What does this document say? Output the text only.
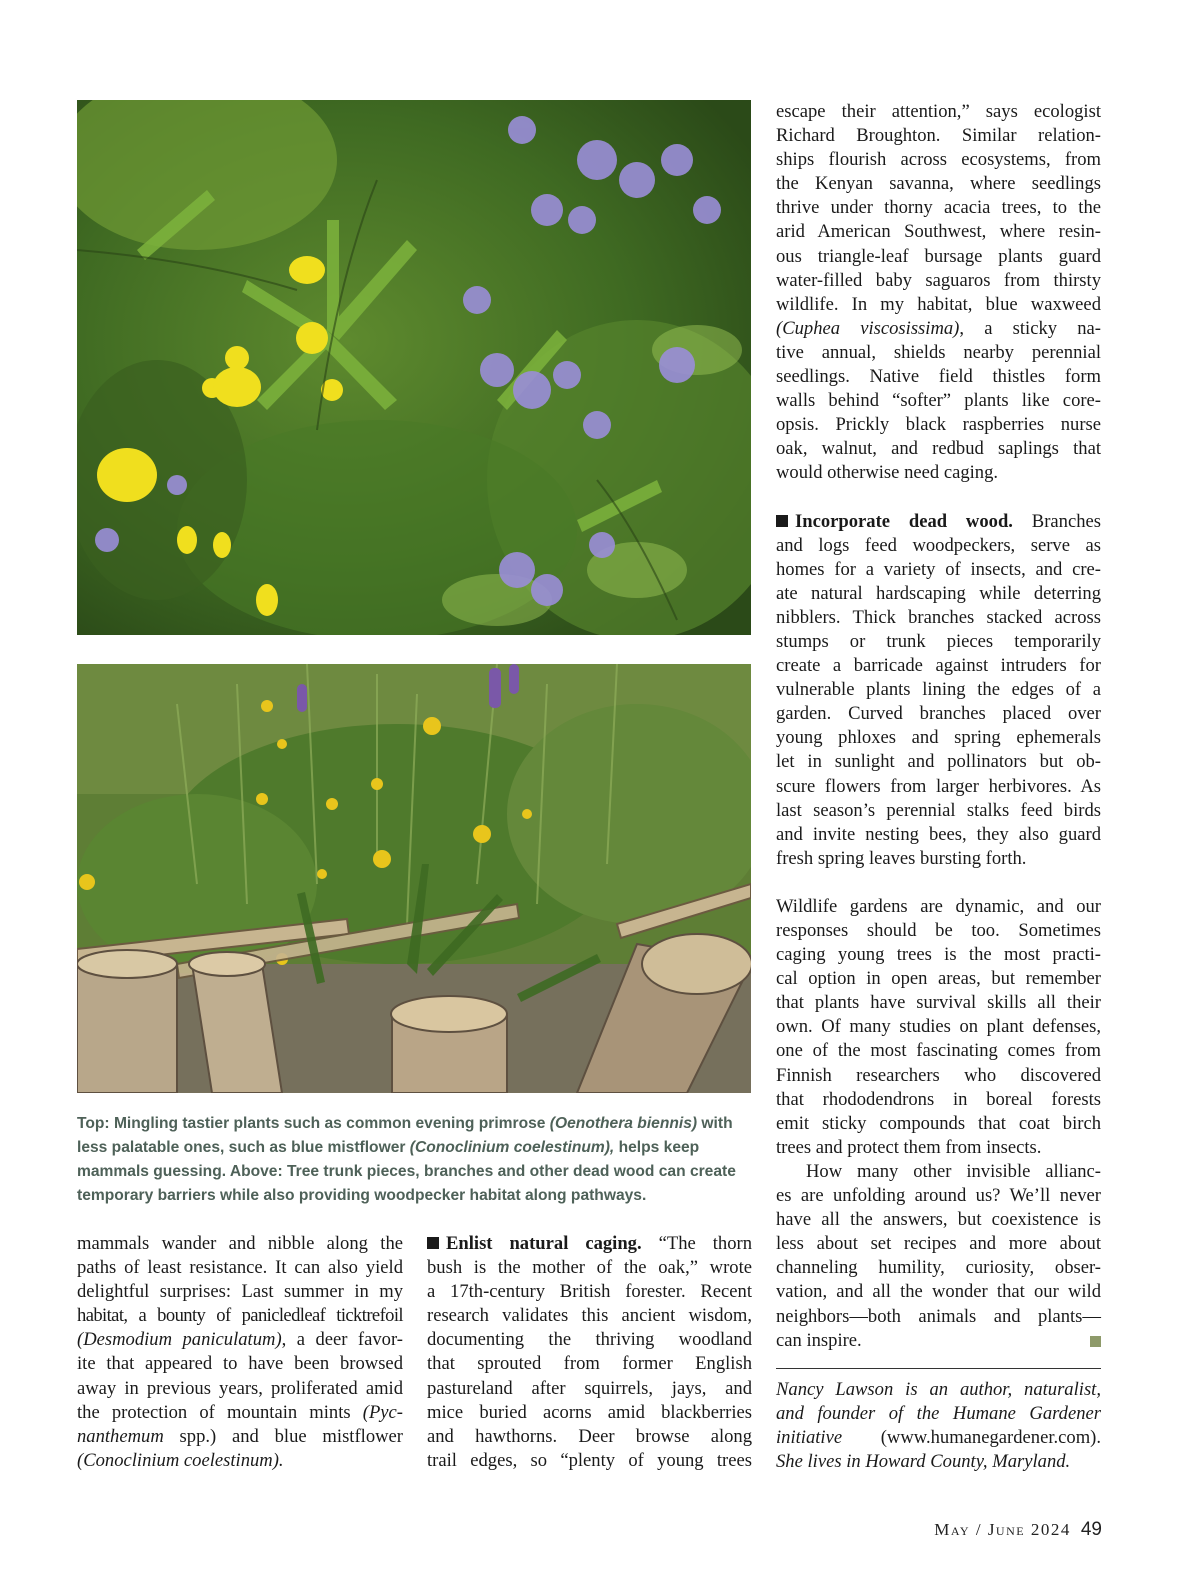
Top: Mingling tastier plants such as common evening primrose (Oenothera biennis) with less palatable ones, such as blue mistflower (Conoclinium coelestinum), helps keep mammals guessing. Above: Tree trunk pieces, branches and other dead wood can create temporary barriers while also providing woodpecker habitat along pathways.
mammals wander and nibble along the
paths of least resistance. It can also yield
delightful surprises: Last summer in my
habitat, a bounty of panicledleaf ticktrefoil
(Desmodium paniculatum), a deer favor-
ite that appeared to have been browsed
away in previous years, proliferated amid
the protection of mountain mints (Pyc-
nanthemum spp.) and blue mistflower
(Conoclinium coelestinum).
Enlist natural caging. “The thorn
bush is the mother of the oak,” wrote
a 17th-century British forester. Recent
research validates this ancient wisdom,
documenting the thriving woodland
that sprouted from former English
pastureland after squirrels, jays, and
mice buried acorns amid blackberries
and hawthorns. Deer browse along
trail edges, so “plenty of young trees
escape their attention,” says ecologist
Richard Broughton. Similar relation-
ships flourish across ecosystems, from
the Kenyan savanna, where seedlings
thrive under thorny acacia trees, to the
arid American Southwest, where resin-
ous triangle-leaf bursage plants guard
water-filled baby saguaros from thirsty
wildlife. In my habitat, blue waxweed
(Cuphea viscosissima), a sticky na-
tive annual, shields nearby perennial
seedlings. Native field thistles form
walls behind “softer” plants like core-
opsis. Prickly black raspberries nurse
oak, walnut, and redbud saplings that
would otherwise need caging.
Incorporate dead wood. Branches
and logs feed woodpeckers, serve as
homes for a variety of insects, and cre-
ate natural hardscaping while deterring
nibblers. Thick branches stacked across
stumps or trunk pieces temporarily
create a barricade against intruders for
vulnerable plants lining the edges of a
garden. Curved branches placed over
young phloxes and spring ephemerals
let in sunlight and pollinators but ob-
scure flowers from larger herbivores. As
last season’s perennial stalks feed birds
and invite nesting bees, they also guard
fresh spring leaves bursting forth.
Wildlife gardens are dynamic, and our
responses should be too. Sometimes
caging young trees is the most practi-
cal option in open areas, but remember
that plants have survival skills all their
own. Of many studies on plant defenses,
one of the most fascinating comes from
Finnish researchers who discovered
that rhododendrons in boreal forests
emit sticky compounds that coat birch
trees and protect them from insects.
How many other invisible allianc-
es are unfolding around us? We’ll never
have all the answers, but coexistence is
less about set recipes and more about
channeling humility, curiosity, obser-
vation, and all the wonder that our wild
neighbors—both animals and plants—
can inspire.
Nancy Lawson is an author, naturalist,
and founder of the Humane Gardener
initiative (www.humanegardener.com).
She lives in Howard County, Maryland.
May / June 2024 49
